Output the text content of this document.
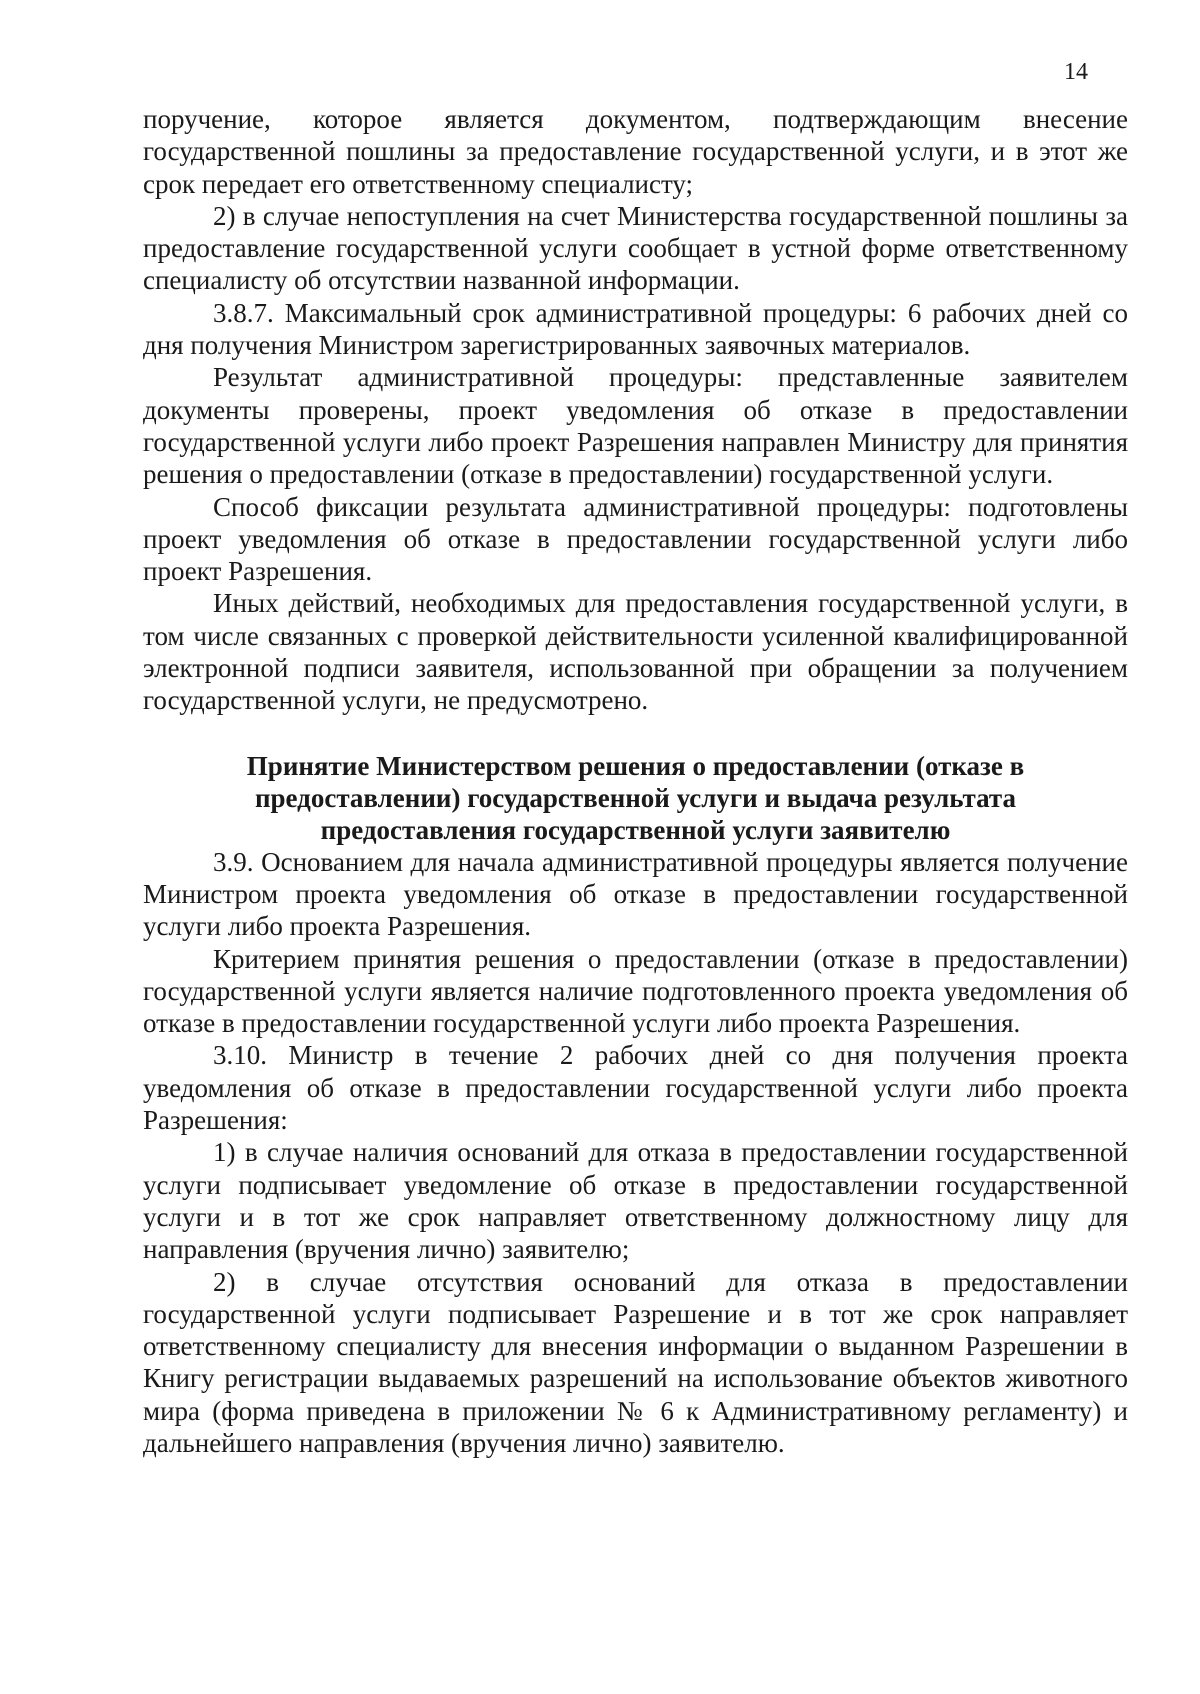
14

поручение, которое является документом, подтверждающим внесение государственной пошлины за предоставление государственной услуги, и в этот же срок передает его ответственному специалисту;

2) в случае непоступления на счет Министерства государственной пошлины за предоставление государственной услуги сообщает в устной форме ответственному специалисту об отсутствии названной информации.

3.8.7. Максимальный срок административной процедуры: 6 рабочих дней со дня получения Министром зарегистрированных заявочных материалов.

Результат административной процедуры: представленные заявителем документы проверены, проект уведомления об отказе в предоставлении государственной услуги либо проект Разрешения направлен Министру для принятия решения о предоставлении (отказе в предоставлении) государственной услуги.

Способ фиксации результата административной процедуры: подготовлены проект уведомления об отказе в предоставлении государственной услуги либо проект Разрешения.

Иных действий, необходимых для предоставления государственной услуги, в том числе связанных с проверкой действительности усиленной квалифицированной электронной подписи заявителя, использованной при обращении за получением государственной услуги, не предусмотрено.

Принятие Министерством решения о предоставлении (отказе в предоставлении) государственной услуги и выдача результата предоставления государственной услуги заявителю

3.9. Основанием для начала административной процедуры является получение Министром проекта уведомления об отказе в предоставлении государственной услуги либо проекта Разрешения.

Критерием принятия решения о предоставлении (отказе в предоставлении) государственной услуги является наличие подготовленного проекта уведомления об отказе в предоставлении государственной услуги либо проекта Разрешения.

3.10. Министр в течение 2 рабочих дней со дня получения проекта уведомления об отказе в предоставлении государственной услуги либо проекта Разрешения:

1) в случае наличия оснований для отказа в предоставлении государственной услуги подписывает уведомление об отказе в предоставлении государственной услуги и в тот же срок направляет ответственному должностному лицу для направления (вручения лично) заявителю;

2) в случае отсутствия оснований для отказа в предоставлении государственной услуги подписывает Разрешение и в тот же срок направляет ответственному специалисту для внесения информации о выданном Разрешении в Книгу регистрации выдаваемых разрешений на использование объектов животного мира (форма приведена в приложении № 6 к Административному регламенту) и дальнейшего направления (вручения лично) заявителю.
